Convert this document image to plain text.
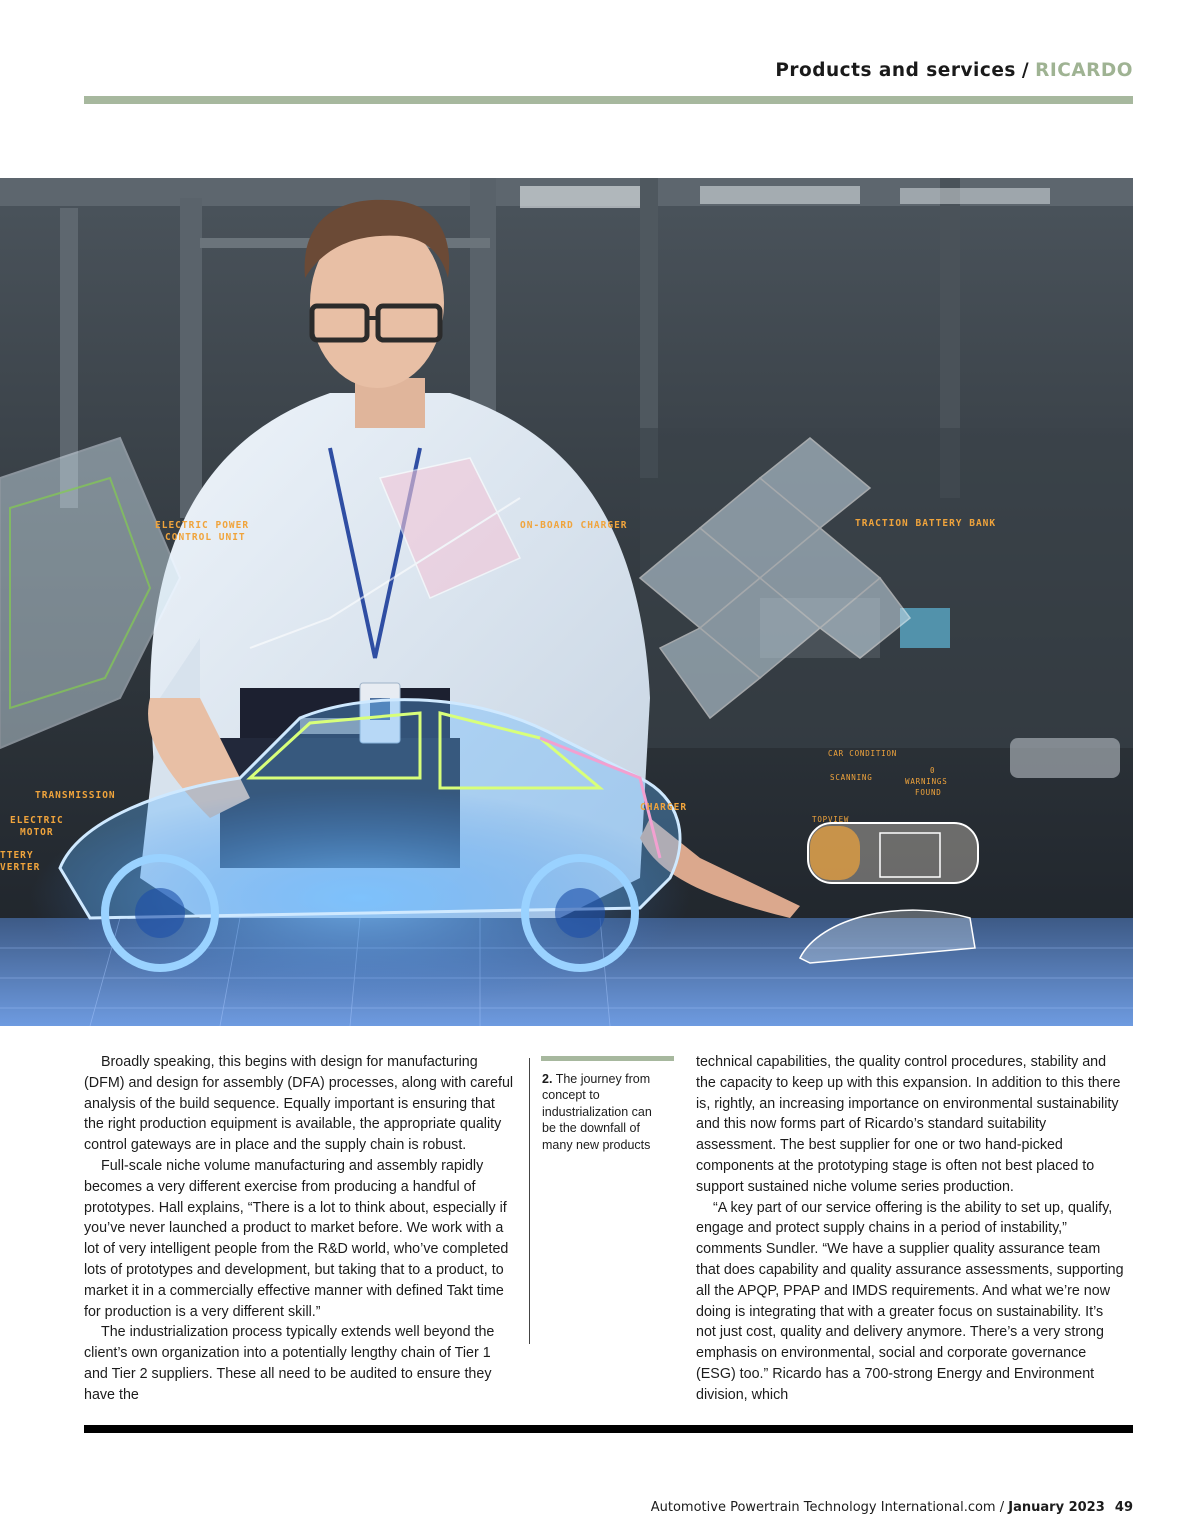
Products and services / RICARDO
ELECTRIC POWER
CONTROL UNIT
ON-BOARD CHARGER	TRACTION BATTERY BANK
TRANSMISSION
ELECTRIC
MOTOR
TTERY
VERTER
CHARGER
CAR CONDITION
SCANNING
0
WARNINGS
FOUND
TOPVIEW

Broadly speaking, this begins with design for manufacturing (DFM) and design for assembly (DFA) processes, along with careful analysis of the build sequence. Equally important is ensuring that the right production equipment is available, the appropriate quality control gateways are in place and the supply chain is robust.

Full-scale niche volume manufacturing and assembly rapidly becomes a very different exercise from producing a handful of prototypes. Hall explains, “There is a lot to think about, especially if you’ve never launched a product to market before. We work with a lot of very intelligent people from the R&D world, who’ve completed lots of prototypes and development, but taking that to a product, to market it in a commercially effective manner with defined Takt time for production is a very different skill.”

The industrialization process typically extends well beyond the client’s own organization into a potentially lengthy chain of Tier 1 and Tier 2 suppliers. These all need to be audited to ensure they have the

2. The journey from concept to industrialization can be the downfall of many new products

technical capabilities, the quality control procedures, stability and the capacity to keep up with this expansion. In addition to this there is, rightly, an increasing importance on environmental sustainability and this now forms part of Ricardo’s standard suitability assessment. The best supplier for one or two hand-picked components at the prototyping stage is often not best placed to support sustained niche volume series production.

“A key part of our service offering is the ability to set up, qualify, engage and protect supply chains in a period of instability,” comments Sundler. “We have a supplier quality assurance team that does capability and quality assurance assessments, supporting all the APQP, PPAP and IMDS requirements. And what we’re now doing is integrating that with a greater focus on sustainability. It’s not just cost, quality and delivery anymore. There’s a very strong emphasis on environmental, social and corporate governance (ESG) too.” Ricardo has a 700-strong Energy and Environment division, which

Automotive Powertrain Technology International.com / January 2023 49
